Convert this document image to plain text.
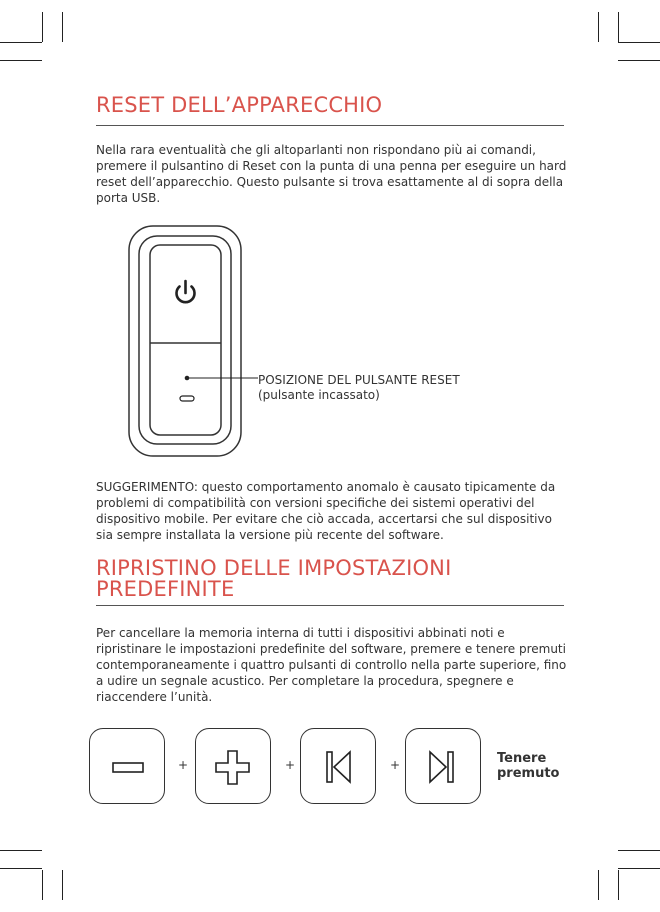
RESET DELL’APPARECCHIO

Nella rara eventualità che gli altoparlanti non rispondano più ai comandi, premere il pulsantino di Reset con la punta di una penna per eseguire un hard reset dell’apparecchio. Questo pulsante si trova esattamente al di sopra della porta USB.

POSIZIONE DEL PULSANTE RESET

(pulsante incassato)

SUGGERIMENTO: questo comportamento anomalo è causato tipicamente da problemi di compatibilità con versioni specifiche dei sistemi operativi del dispositivo mobile. Per evitare che ciò accada, accertarsi che sul dispositivo sia sempre installata la versione più recente del software.

RIPRISTINO DELLE IMPOSTAZIONI
PREDEFINITE

Per cancellare la memoria interna di tutti i dispositivi abbinati noti e ripristinare le impostazioni predefinite del software, premere e tenere premuti contemporaneamente i quattro pulsanti di controllo nella parte superiore, fino a udire un segnale acustico. Per completare la procedura, spegnere e riaccendere l’unità.

+	+	+	Tenere

premuto
